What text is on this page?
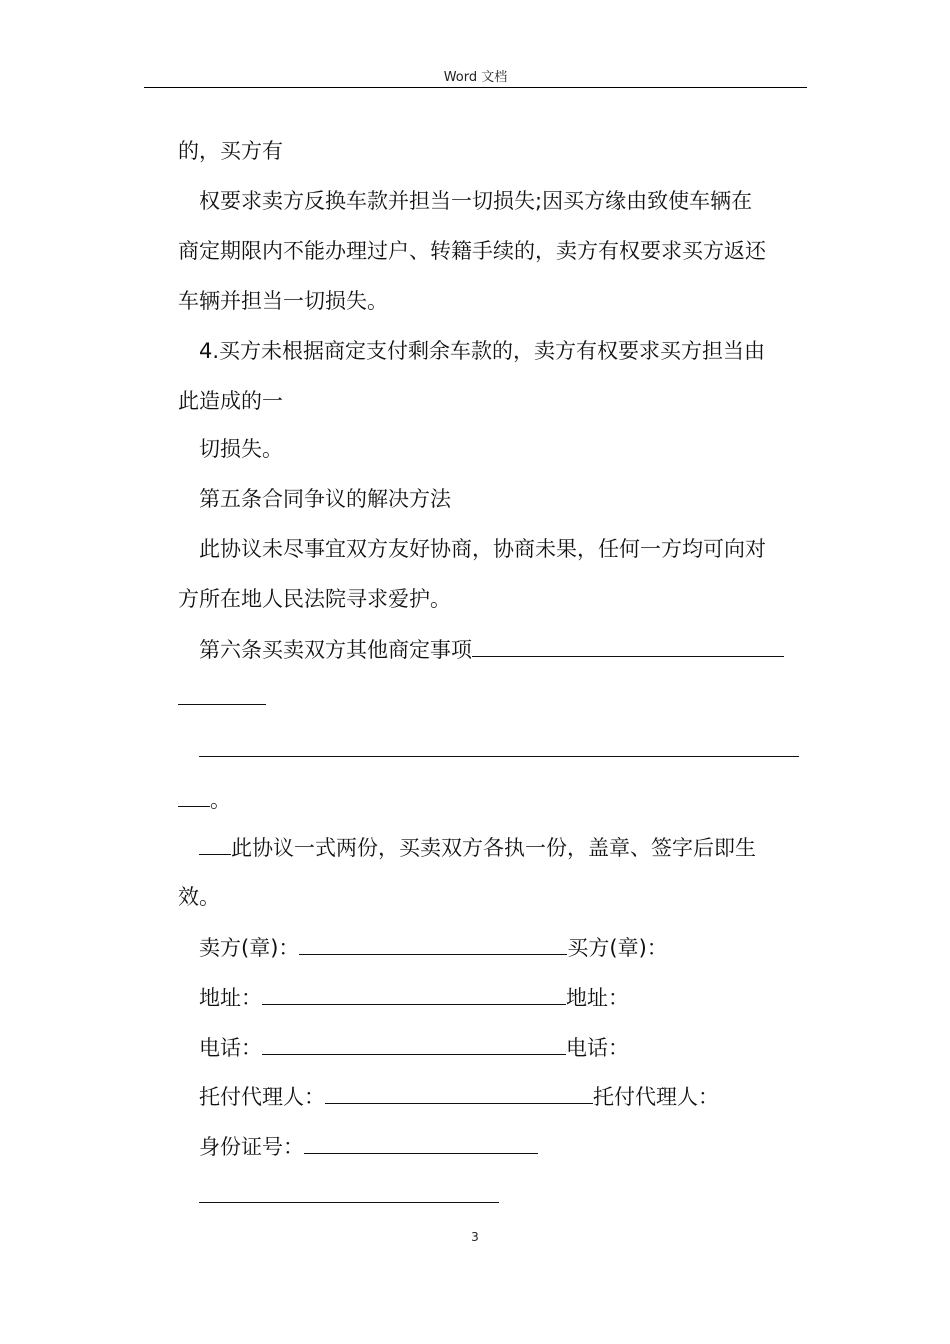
Word 文档
的，买方有
权要求卖方反换车款并担当一切损失;因买方缘由致使车辆在
商定期限内不能办理过户、转籍手续的，卖方有权要求买方返还
车辆并担当一切损失。
4.买方未根据商定支付剩余车款的，卖方有权要求买方担当由
此造成的一
切损失。
第五条合同争议的解决方法
此协议未尽事宜双方友好协商，协商未果，任何一方均可向对
方所在地人民法院寻求爱护。
第六条买卖双方其他商定事项
。
此协议一式两份，买卖双方各执一份，盖章、签字后即生
效。
卖方(章)：	买方(章)：
地址：	地址：
电话：	电话：
托付代理人：	托付代理人：
身份证号：
3
